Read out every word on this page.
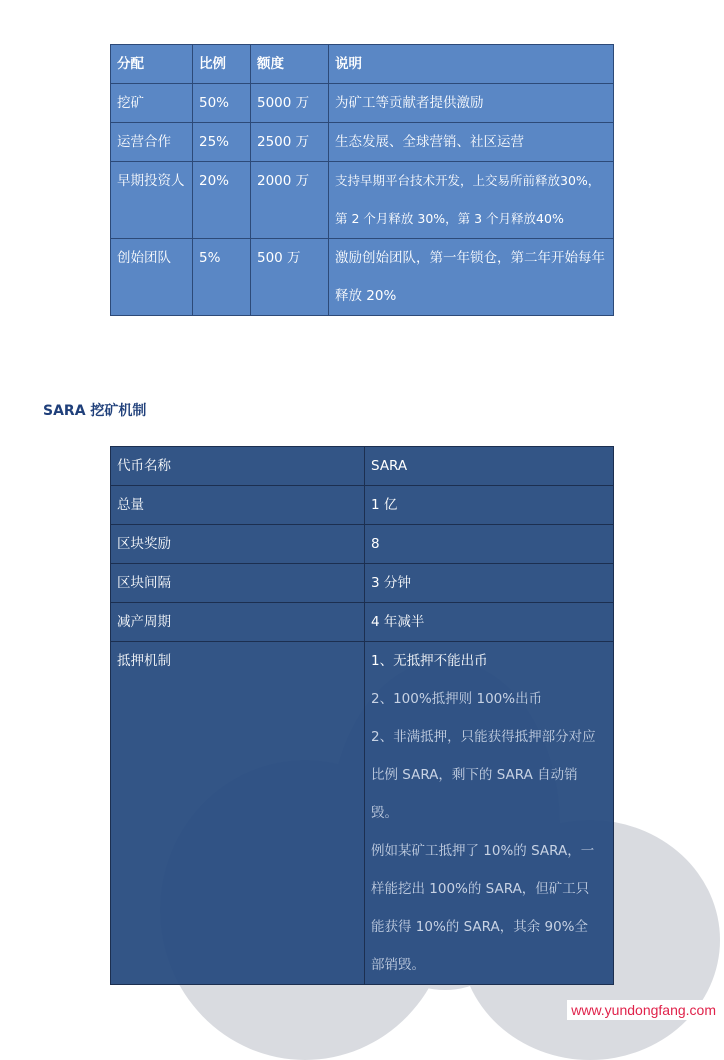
分配	比例	额度	说明
挖矿	50%	5000 万	为矿工等贡献者提供激励
运营合作	25%	2500 万	生态发展、全球营销、社区运营
早期投资人	20%	2000 万	支持早期平台技术开发，上交易所前释放30%，第 2 个月释放 30%，第 3 个月释放40%
创始团队	5%	500 万	激励创始团队，第一年锁仓，第二年开始每年释放 20%
SARA 挖矿机制
代币名称	SARA
总量	1 亿
区块奖励	8
区块间隔	3 分钟
减产周期	4 年减半
抵押机制	1、无抵押不能出币
2、100%抵押则 100%出币
2、非满抵押，只能获得抵押部分对应比例 SARA，剩下的 SARA 自动销毁。
例如某矿工抵押了 10%的 SARA，一样能挖出 100%的 SARA，但矿工只能获得 10%的 SARA，其余 90%全部销毁。
www.yundongfang.com
